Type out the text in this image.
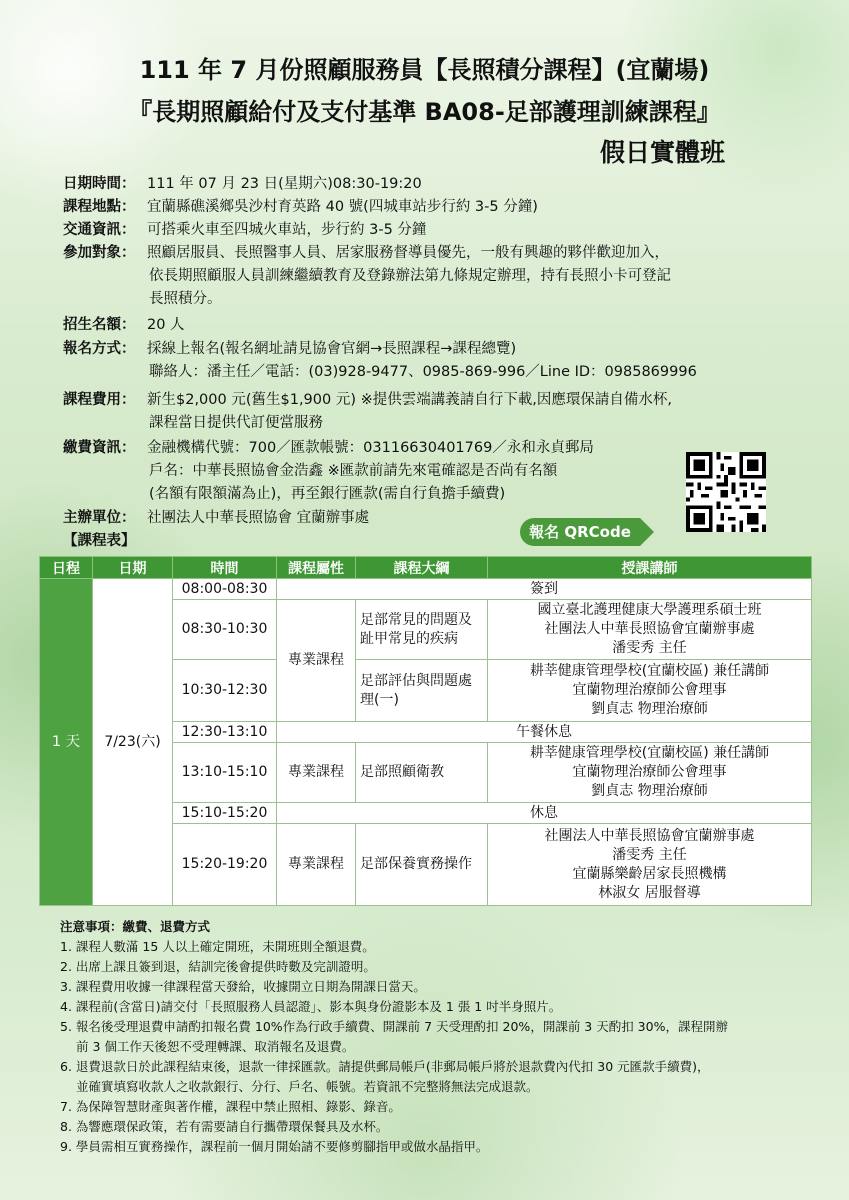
111 年 7 月份照顧服務員【長照積分課程】(宜蘭場)
『長期照顧給付及支付基準 BA08-足部護理訓練課程』
假日實體班
日期時間： 111 年 07 月 23 日(星期六)08:30-19:20
課程地點： 宜蘭縣礁溪鄉吳沙村育英路 40 號(四城車站步行約 3-5 分鐘)
交通資訊： 可搭乘火車至四城火車站，步行約 3-5 分鐘
參加對象： 照顧居服員、長照醫事人員、居家服務督導員優先，一般有興趣的夥伴歡迎加入，
依長期照顧服人員訓練繼續教育及登錄辦法第九條規定辦理，持有長照小卡可登記
長照積分。
招生名額： 20 人
報名方式： 採線上報名(報名網址請見協會官網→長照課程→課程總覽)
聯絡人：潘主任／電話：(03)928-9477、0985-869-996／Line ID：0985869996
課程費用： 新生$2,000 元(舊生$1,900 元) ※提供雲端講義請自行下載,因應環保請自備水杯,
課程當日提供代訂便當服務
繳費資訊： 金融機構代號：700／匯款帳號：03116630401769／永和永貞郵局
戶名：中華長照協會金浩鑫 ※匯款前請先來電確認是否尚有名額
(名額有限額滿為止)，再至銀行匯款(需自行負擔手續費)
主辦單位： 社團法人中華長照協會 宜蘭辦事處
報名 QRCode
【課程表】
日程	日期	時間	課程屬性	課程大綱	授課講師
1 天	7/23(六)	08:00-08:30	簽到		
		08:30-10:30	專業課程	足部常見的問題及趾甲常見的疾病	國立臺北護理健康大學護理系碩士班
社團法人中華長照協會宜蘭辦事處
潘雯秀 主任

		10:30-12:30		足部評估與問題處理(一)	耕莘健康管理學校(宜蘭校區) 兼任講師
宜蘭物理治療師公會理事
劉貞志 物理治療師

		12:30-13:10	午餐休息		
		13:10-15:10	專業課程	足部照顧衛教	耕莘健康管理學校(宜蘭校區) 兼任講師
宜蘭物理治療師公會理事
劉貞志 物理治療師

		15:10-15:20	休息		
		15:20-19:20	專業課程	足部保養實務操作	社團法人中華長照協會宜蘭辦事處
潘雯秀 主任
宜蘭縣樂齡居家長照機構
林淑女 居服督導
注意事項：繳費、退費方式
1. 課程人數滿 15 人以上確定開班，未開班則全額退費。
2. 出席上課且簽到退，結訓完後會提供時數及完訓證明。
3. 課程費用收據一律課程當天發給，收據開立日期為開課日當天。
4. 課程前(含當日)請交付「長照服務人員認證」、影本與身份證影本及 1 張 1 吋半身照片。
5. 報名後受理退費申請酌扣報名費 10%作為行政手續費、開課前 7 天受理酌扣 20%，開課前 3 天酌扣 30%，課程開辦
前 3 個工作天後恕不受理轉課、取消報名及退費。
6. 退費退款日於此課程結束後，退款一律採匯款。請提供郵局帳戶(非郵局帳戶將於退款費內代扣 30 元匯款手續費)，
並確實填寫收款人之收款銀行、分行、戶名、帳號。若資訊不完整將無法完成退款。
7. 為保障智慧財產與著作權，課程中禁止照相、錄影、錄音。
8. 為響應環保政策，若有需要請自行攜帶環保餐具及水杯。
9. 學員需相互實務操作，課程前一個月開始請不要修剪腳指甲或做水晶指甲。
